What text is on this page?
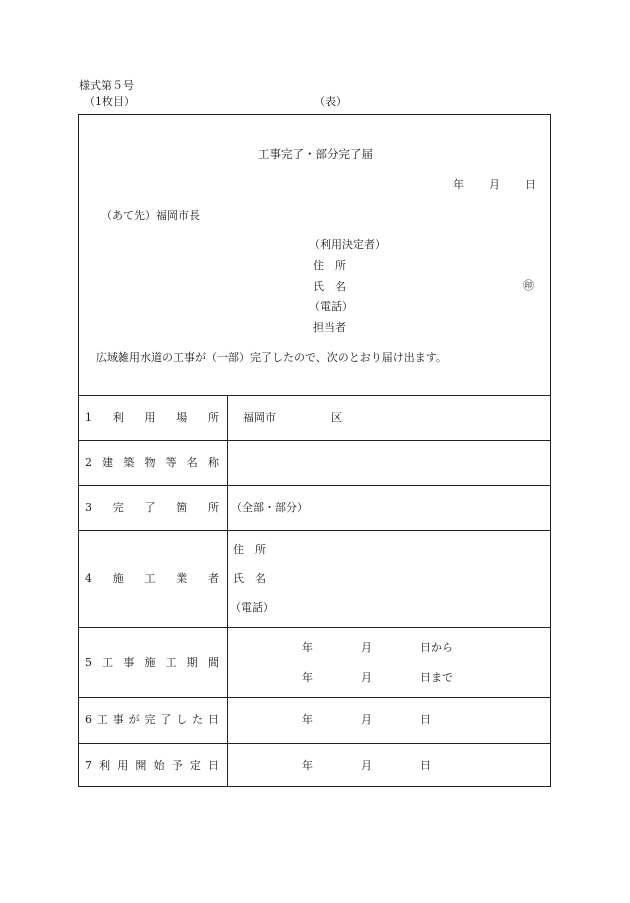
様式第５号
（1枚目）	（表）
工事完了・部分完了届
年 月 日
（あて先）福岡市長
（利用決定者）
住　所
氏　名	㊞
（電話）
担当者
広域雑用水道の工事が（一部）完了したので、次のとおり届け出ます。
1 利 用 場 所 福岡市　　　　　区
2 建 築 物 等 名 称
3 完 了 箇 所 （全部・部分）
4 施 工 業 者
住　所
氏　名
（電話）
5 工 事 施 工 期 間
年	月	日から
年	月	日まで
6 工 事 が 完 了 し た 日	年	月	日
7 利 用 開 始 予 定 日	年	月	日
